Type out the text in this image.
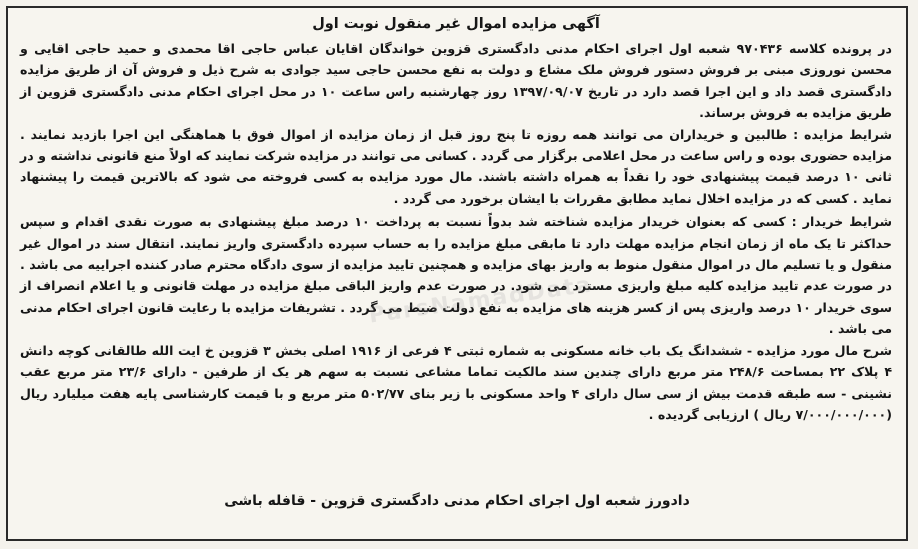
آگهی مزایده اموال غیر منقول نوبت اول

در پرونده کلاسه ۹۷۰۴۳۶ شعبه اول اجرای احکام مدنی دادگستری قزوین خواندگان اقایان عباس حاجی اقا محمدی و حمید حاجی اقایی و محسن نوروزی مبنی بر فروش دستور فروش ملک مشاع و دولت به نفع محسن حاجی سید جوادی به شرح ذیل و فروش آن از طریق مزایده دادگستری قصد داد و این اجرا قصد دارد در تاریخ ۱۳۹۷/۰۹/۰۷ روز چهارشنبه راس ساعت ۱۰ در محل اجرای احکام مدنی دادگستری قزوین از طریق مزایده به فروش برساند.

شرایط مزایده : طالبین و خریداران می توانند همه روزه تا پنج روز قبل از زمان مزایده از اموال فوق با هماهنگی این اجرا بازدید نمایند . مزایده حضوری بوده و راس ساعت در محل اعلامی برگزار می گردد . کسانی می توانند در مزایده شرکت نمایند که اولاً منع قانونی نداشته و در ثانی ۱۰ درصد قیمت پیشنهادی خود را نقداً به همراه داشته باشند. مال مورد مزایده به کسی فروخته می شود که بالاترین قیمت را پیشنهاد نماید . کسی که در مزایده اخلال نماید مطابق مقررات با ایشان برخورد می گردد .

شرایط خریدار : کسی که بعنوان خریدار مزایده شناخته شد بدواً نسبت به پرداخت ۱۰ درصد مبلغ پیشنهادی به صورت نقدی اقدام و سپس حداکثر تا یک ماه از زمان انجام مزایده مهلت دارد تا مابقی مبلغ مزایده را به حساب سپرده دادگستری واریز نمایند. انتقال سند در اموال غیر منقول و یا تسلیم مال در اموال منقول منوط به واریز بهای مزایده و همچنین تایید مزایده از سوی دادگاه محترم صادر کننده اجراییه می باشد . در صورت عدم تایید مزایده کلیه مبلغ واریزی مسترد می شود. در صورت عدم واریز الباقی مبلغ مزایده در مهلت قانونی و یا اعلام انصراف از سوی خریدار ۱۰ درصد واریزی پس از کسر هزینه های مزایده به نفع دولت ضبط می گردد . تشریفات مزایده با رعایت قانون اجرای احکام مدنی می باشد .

شرح مال مورد مزایده - ششدانگ یک باب خانه مسکونی به شماره ثبتی ۴ فرعی از ۱۹۱۶ اصلی بخش ۳ قزوین خ ایت الله طالقانی کوچه دانش ۴ پلاک ۲۲ بمساحت ۲۴۸/۶ متر مربع دارای چندین سند مالکیت تماما مشاعی نسبت به سهم هر یک از طرفین - دارای ۲۳/۶ متر مربع عقب نشینی - سه طبقه قدمت بیش از سی سال دارای ۴ واحد مسکونی با زیر بنای ۵۰۲/۷۷ متر مربع و با قیمت کارشناسی پایه هفت میلیارد ریال (۷/۰۰۰/۰۰۰/۰۰۰ ریال ) ارزیابی گردیده .

ParsNamadData
دادورز شعبه اول اجرای احکام مدنی دادگستری قزوین - قافله باشی
